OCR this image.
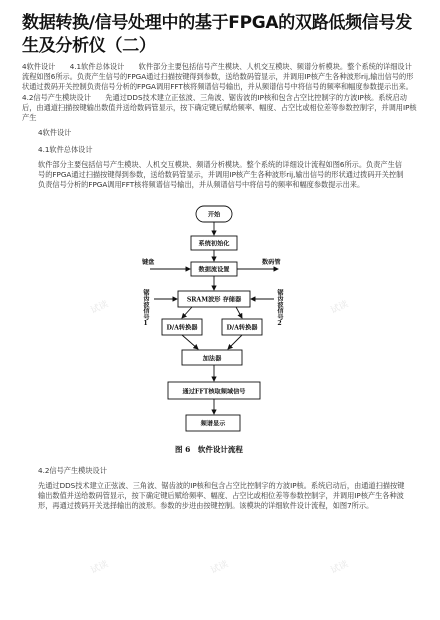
数据转换/信号处理中的基于FPGA的双路低频信号发生及分析仪（二）

4软件设计　　4.1软件总体设计　　软件部分主要包括信号产生模块、人机交互模块、频谱分析模块。整个系统的详细设计流程如图6所示。负责产生信号的FPGA通过扫描按键得到参数，送给数码管显示，并调用IP核产生各种波形rij,输出信号的形状通过拨码开关控制负责信号分析的FPGA调用FFT核将频谱信号输出，并从频谱信号中将信号的频率和幅度参数提示出来。　　4.2信号产生模块设计　　先通过DDS技术建立正弦波、三角波、锯齿波的IP核和包含占空比控制字的方波IP核。系统启动后，由通道扫描按键输出数值并送给数码管显示，按下确定键后赋给频率、幅度、占空比或相位差等参数控制字，并调用IP核产生

4软件设计

4.1软件总体设计

软件部分主要包括信号产生模块、人机交互模块、频谱分析模块。整个系统的详细设计流程如图6所示。负责产生信号的FPGA通过扫描按键得到参数，送给数码管显示，并调用IP核产生各种波形rij,输出信号的形状通过拨码开关控制负责信号分析的FPGA调用FFT核将频谱信号输出，并从频谱信号中将信号的频率和幅度参数提示出来。

开始
系统初始化
数据流设置
SRAM波形 存储器
D/A转换器	D/A转换器
加法器
通过FFT核取频域信号
频谱显示
键盘	数码管
锯齿波信号1	锯齿波信号2
图 6　软件设计流程

4.2信号产生模块设计

先通过DDS技术建立正弦波、三角波、锯齿波的IP核和包含占空比控制字的方波IP核。系统启动后，由通道扫描按键输出数值并送给数码管显示，按下确定键后赋给频率、幅度、占空比或相位差等参数控制字，并调用IP核产生各种波形，再通过拨码开关选择输出的波形。参数的步进由按键控制。该模块的详细软件设计流程，如图7所示。

试读	试读
试读	试读	试读
